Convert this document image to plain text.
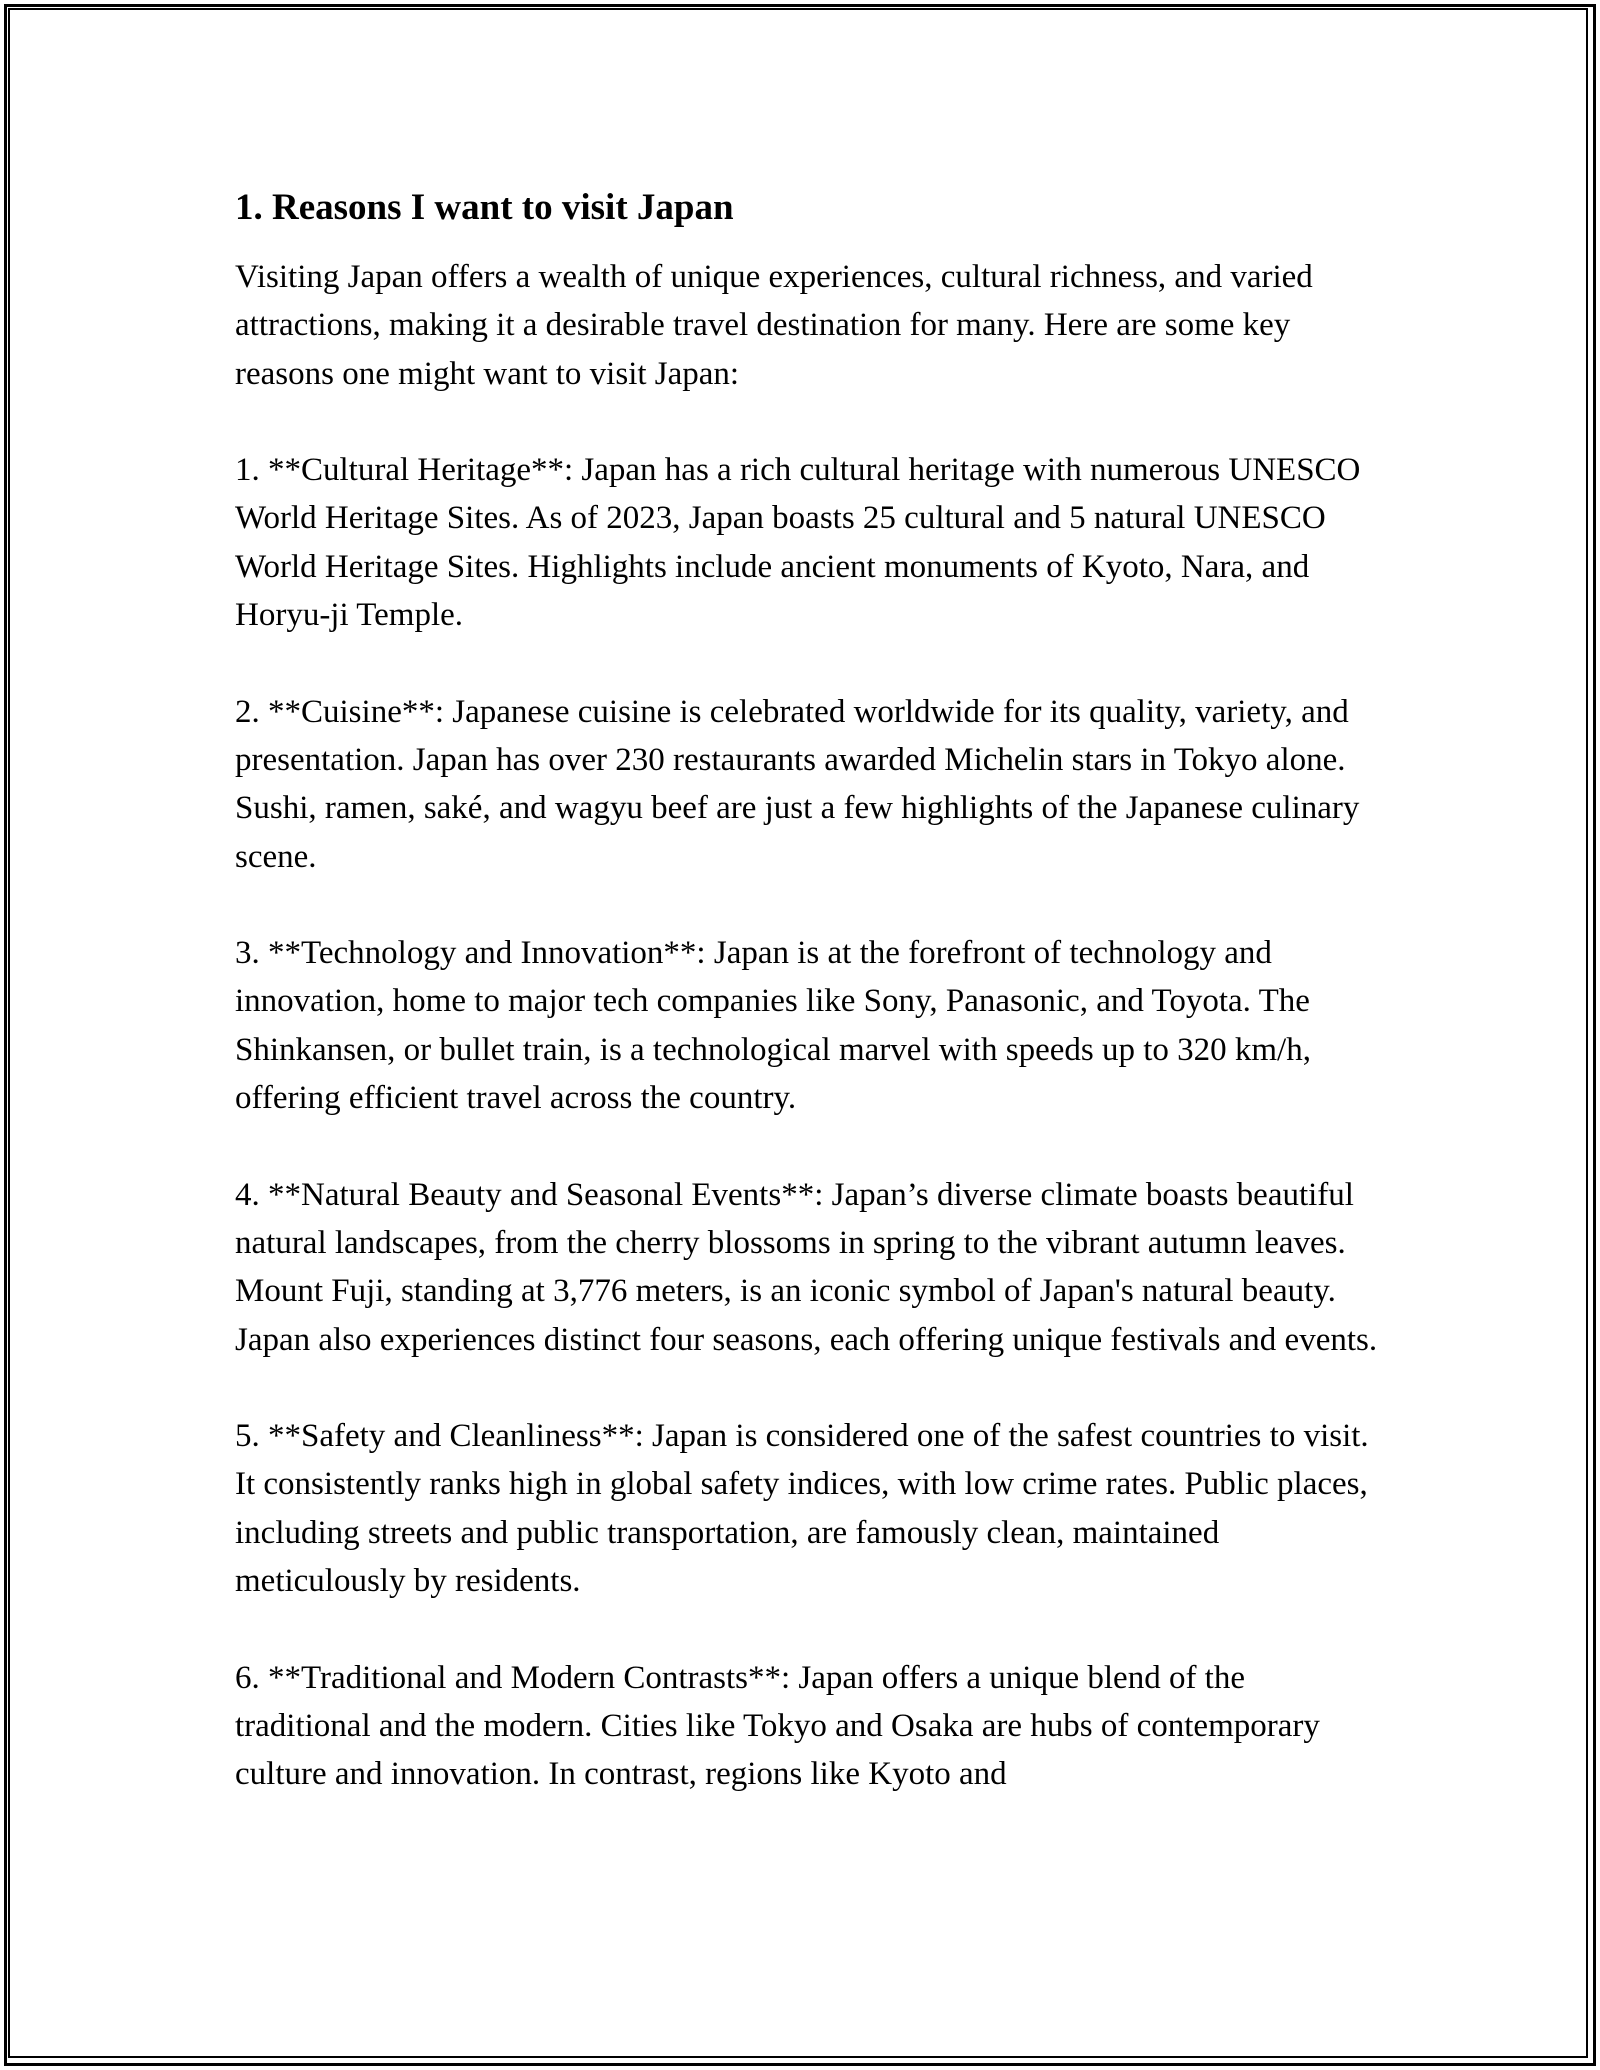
1. Reasons I want to visit Japan

Visiting Japan offers a wealth of unique experiences, cultural richness, and varied attractions, making it a desirable travel destination for many. Here are some key reasons one might want to visit Japan:

1. **Cultural Heritage**: Japan has a rich cultural heritage with numerous UNESCO World Heritage Sites. As of 2023, Japan boasts 25 cultural and 5 natural UNESCO World Heritage Sites. Highlights include ancient monuments of Kyoto, Nara, and Horyu-ji Temple.

2. **Cuisine**: Japanese cuisine is celebrated worldwide for its quality, variety, and presentation. Japan has over 230 restaurants awarded Michelin stars in Tokyo alone. Sushi, ramen, saké, and wagyu beef are just a few highlights of the Japanese culinary scene.

3. **Technology and Innovation**: Japan is at the forefront of technology and innovation, home to major tech companies like Sony, Panasonic, and Toyota. The Shinkansen, or bullet train, is a technological marvel with speeds up to 320 km/h, offering efficient travel across the country.

4. **Natural Beauty and Seasonal Events**: Japan’s diverse climate boasts beautiful natural landscapes, from the cherry blossoms in spring to the vibrant autumn leaves. Mount Fuji, standing at 3,776 meters, is an iconic symbol of Japan's natural beauty. Japan also experiences distinct four seasons, each offering unique festivals and events.

5. **Safety and Cleanliness**: Japan is considered one of the safest countries to visit. It consistently ranks high in global safety indices, with low crime rates. Public places, including streets and public transportation, are famously clean, maintained meticulously by residents.

6. **Traditional and Modern Contrasts**: Japan offers a unique blend of the traditional and the modern. Cities like Tokyo and Osaka are hubs of contemporary culture and innovation. In contrast, regions like Kyoto and
